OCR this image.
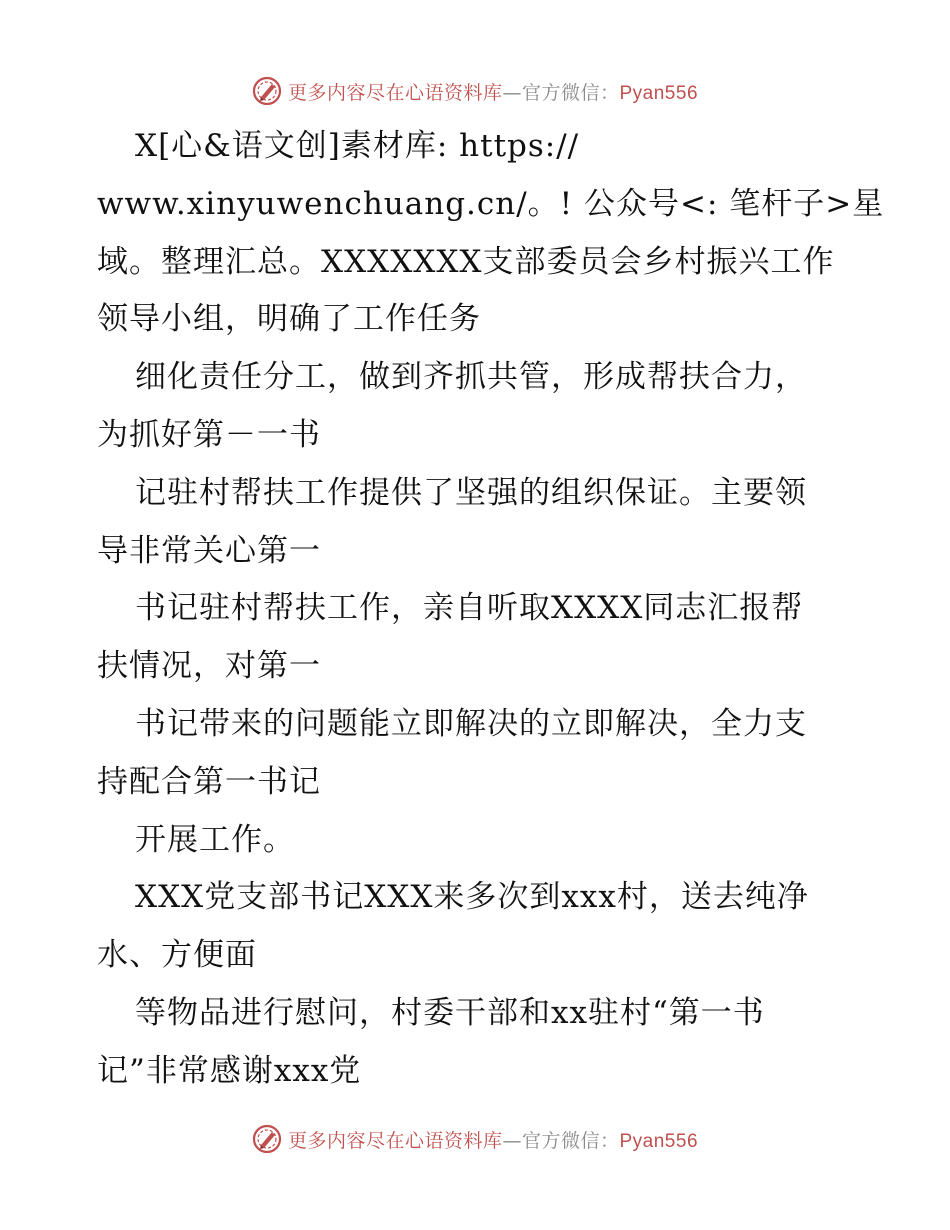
更多内容尽在心语资料库—官方微信：Pyan556
X[心&语文创]素材库: https://
www.xinyuwenchuang.cn/。! 公众号<: 笔杆子>星
域。整理汇总。XXXXXXX支部委员会乡村振兴工作
领导小组，明确了工作任务
细化责任分工，做到齐抓共管，形成帮扶合力，
为抓好第－一书
记驻村帮扶工作提供了坚强的组织保证。主要领
导非常关心第一
书记驻村帮扶工作，亲自听取XXXX同志汇报帮
扶情况，对第一
书记带来的问题能立即解决的立即解决，全力支
持配合第一书记
开展工作。
XXX党支部书记XXX来多次到xxx村，送去纯净
水、方便面
等物品进行慰问，村委干部和xx驻村“第一书
记”非常感谢xxx党
更多内容尽在心语资料库—官方微信：Pyan556
